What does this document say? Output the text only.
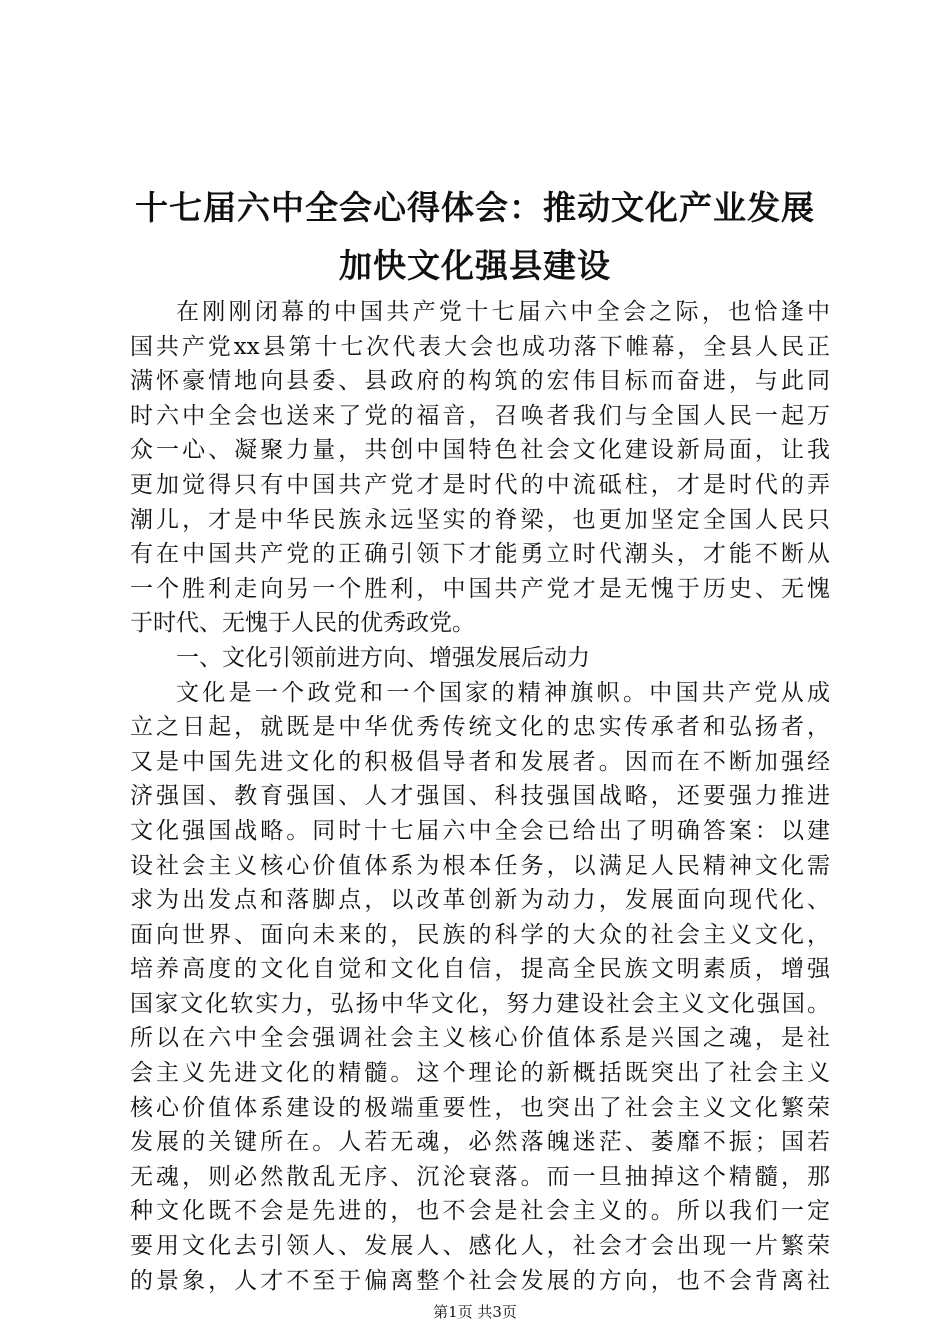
十七届六中全会心得体会：推动文化产业发展
加快文化强县建设
在刚刚闭幕的中国共产党十七届六中全会之际，也恰逢中
国共产党xx县第十七次代表大会也成功落下帷幕，全县人民正
满怀豪情地向县委、县政府的构筑的宏伟目标而奋进，与此同
时六中全会也送来了党的福音，召唤者我们与全国人民一起万
众一心、凝聚力量，共创中国特色社会文化建设新局面，让我
更加觉得只有中国共产党才是时代的中流砥柱，才是时代的弄
潮儿，才是中华民族永远坚实的脊梁，也更加坚定全国人民只
有在中国共产党的正确引领下才能勇立时代潮头，才能不断从
一个胜利走向另一个胜利，中国共产党才是无愧于历史、无愧
于时代、无愧于人民的优秀政党。
一、文化引领前进方向、增强发展后动力
文化是一个政党和一个国家的精神旗帜。中国共产党从成
立之日起，就既是中华优秀传统文化的忠实传承者和弘扬者，
又是中国先进文化的积极倡导者和发展者。因而在不断加强经
济强国、教育强国、人才强国、科技强国战略，还要强力推进
文化强国战略。同时十七届六中全会已给出了明确答案：以建
设社会主义核心价值体系为根本任务，以满足人民精神文化需
求为出发点和落脚点，以改革创新为动力，发展面向现代化、
面向世界、面向未来的，民族的科学的大众的社会主义文化，
培养高度的文化自觉和文化自信，提高全民族文明素质，增强
国家文化软实力，弘扬中华文化，努力建设社会主义文化强国。
所以在六中全会强调社会主义核心价值体系是兴国之魂，是社
会主义先进文化的精髓。这个理论的新概括既突出了社会主义
核心价值体系建设的极端重要性，也突出了社会主义文化繁荣
发展的关键所在。人若无魂，必然落魄迷茫、萎靡不振；国若
无魂，则必然散乱无序、沉沦衰落。而一旦抽掉这个精髓，那
种文化既不会是先进的，也不会是社会主义的。所以我们一定
要用文化去引领人、发展人、感化人，社会才会出现一片繁荣
的景象，人才不至于偏离整个社会发展的方向，也不会背离社
第1页 共3页
